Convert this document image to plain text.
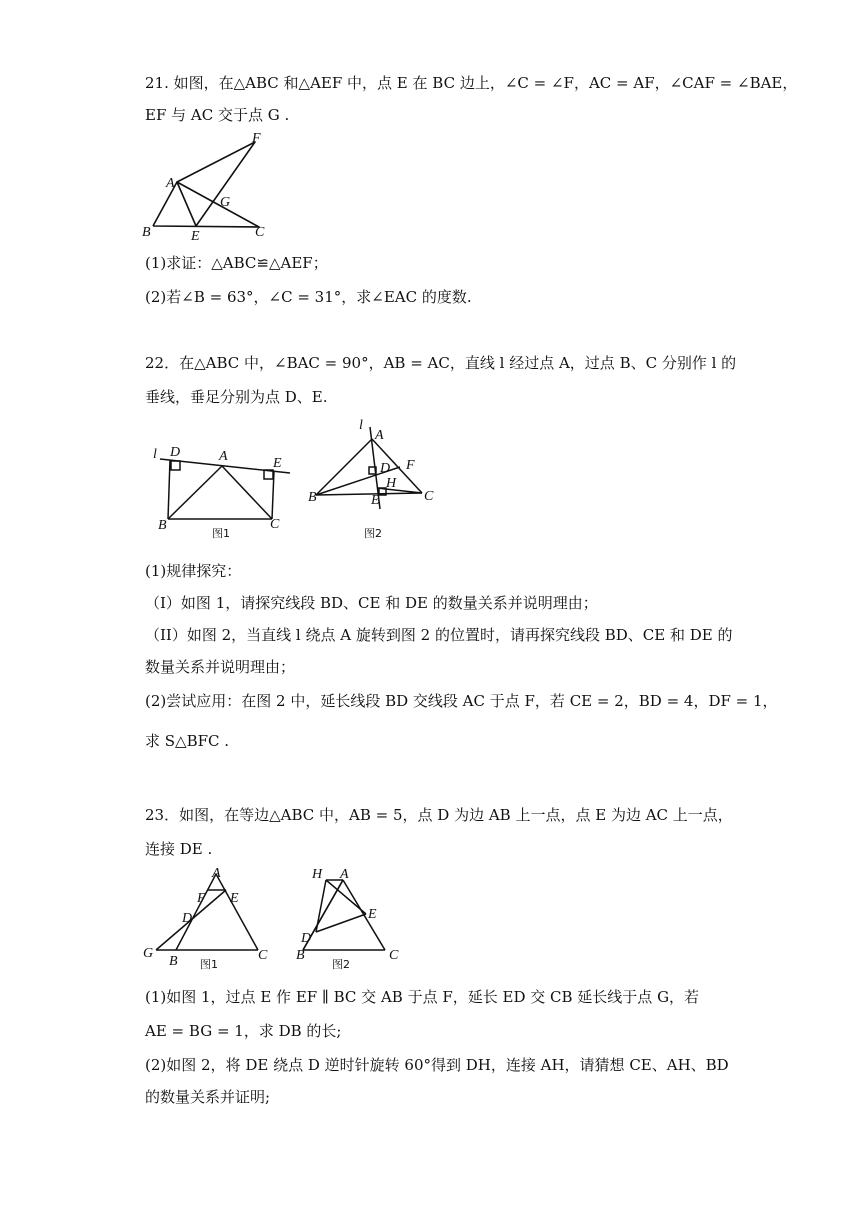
21. 如图，在△ABC 和△AEF 中，点 E 在 BC 边上，∠C = ∠F，AC = AF，∠CAF = ∠BAE，
EF 与 AC 交于点 G .
F
A
G
B	E	C
(1)求证：△ABC≌△AEF；
(2)若∠B = 63°，∠C = 31°，求∠EAC 的度数.
22．在△ABC 中，∠BAC = 90°，AB = AC，直线 l 经过点 A，过点 B、C 分别作 l 的
垂线，垂足分别为点 D、E.
l D	A	E
B	C
图1
l
A
F
D
H
B	E	C
图2
(1)规律探究：
（I）如图 1，请探究线段 BD、CE 和 DE 的数量关系并说明理由；
（II）如图 2，当直线 l 绕点 A 旋转到图 2 的位置时，请再探究线段 BD、CE 和 DE 的
数量关系并说明理由；
(2)尝试应用：在图 2 中，延长线段 BD 交线段 AC 于点 F，若 CE = 2，BD = 4，DF = 1，
求 S△BFC .
23．如图，在等边△ABC 中，AB = 5，点 D 为边 AB 上一点，点 E 为边 AC 上一点，
连接 DE .
A
F E
D
G
B	C
图1
H A
E
D
B	C
图2
(1)如图 1，过点 E 作 EF ∥ BC 交 AB 于点 F，延长 ED 交 CB 延长线于点 G，若
AE = BG = 1，求 DB 的长;
(2)如图 2，将 DE 绕点 D 逆时针旋转 60°得到 DH，连接 AH，请猜想 CE、AH、BD
的数量关系并证明;
